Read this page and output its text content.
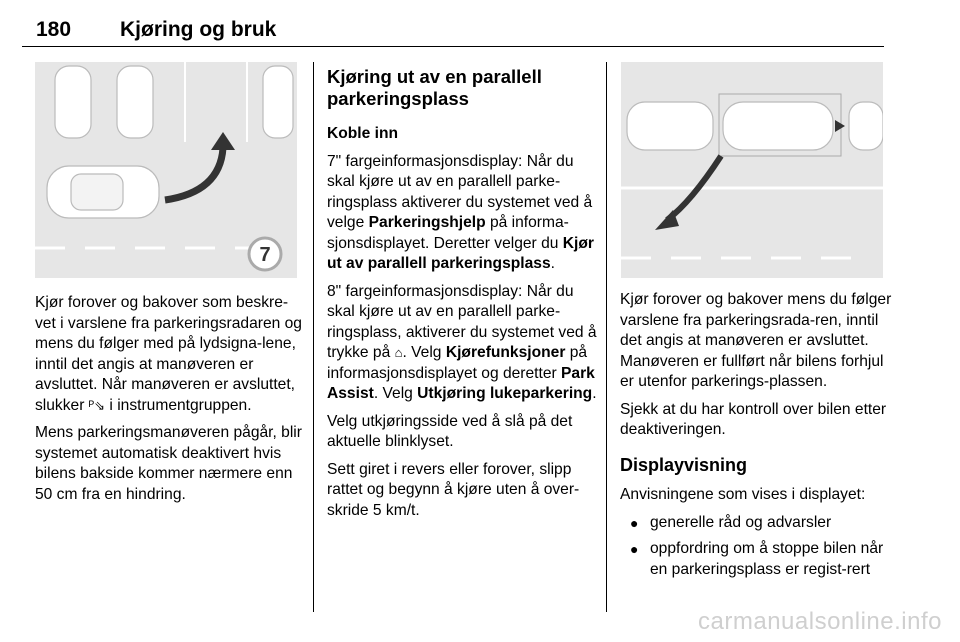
180 Kjøring og bruk
7

Kjør forover og bakover som beskre-vet i varslene fra parkeringsradaren og mens du følger med på lydsigna-lene, inntil det angis at manøveren er avsluttet. Når manøveren er avsluttet, slukker ᴾ⇘ i instrumentgruppen.

Mens parkeringsmanøveren pågår, blir systemet automatisk deaktivert hvis bilens bakside kommer nærmere enn 50 cm fra en hindring.

Kjøring ut av en parallell parkeringsplass

Koble inn

7" fargeinformasjonsdisplay: Når du skal kjøre ut av en parallell parke-ringsplass aktiverer du systemet ved å velge Parkeringshjelp på informa-sjonsdisplayet. Deretter velger du Kjør ut av parallell parkeringsplass.

8" fargeinformasjonsdisplay: Når du skal kjøre ut av en parallell parke-ringsplass, aktiverer du systemet ved å trykke på ⌂. Velg Kjørefunksjoner på informasjonsdisplayet og deretter Park Assist. Velg Utkjøring lukeparkering.

Velg utkjøringsside ved å slå på det aktuelle blinklyset.

Sett giret i revers eller forover, slipp rattet og begynn å kjøre uten å over-skride 5 km/t.

Kjør forover og bakover mens du følger varslene fra parkeringsrada-ren, inntil det angis at manøveren er avsluttet. Manøveren er fullført når bilens forhjul er utenfor parkerings-plassen.

Sjekk at du har kontroll over bilen etter deaktiveringen.

Displayvisning

Anvisningene som vises i displayet:

● generelle råd og advarsler
● oppfordring om å stoppe bilen når en parkeringsplass er regist-rert
carmanualsonline.info
